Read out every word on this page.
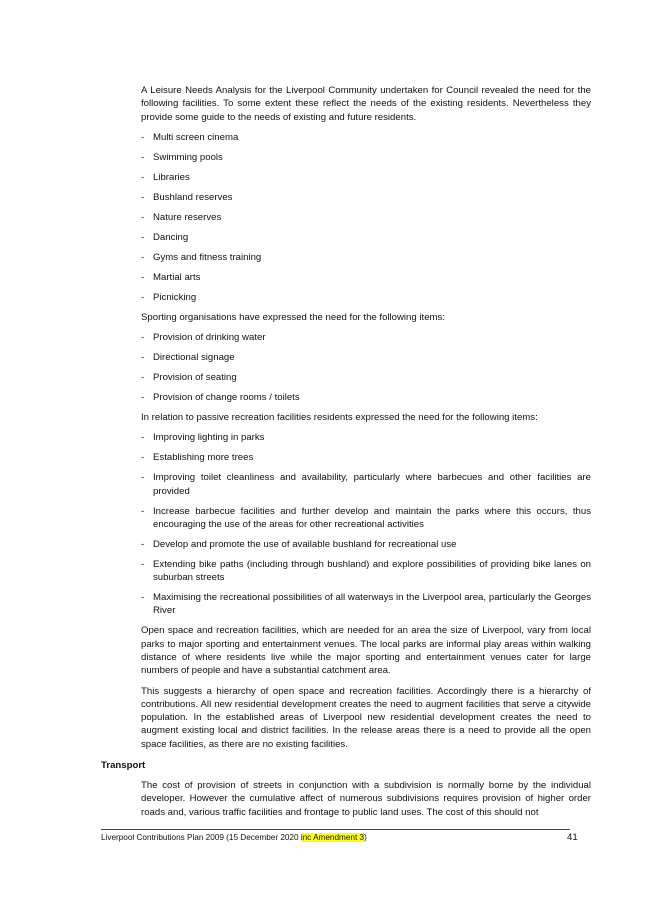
A Leisure Needs Analysis for the Liverpool Community undertaken for Council revealed the need for the following facilities. To some extent these reflect the needs of the existing residents. Nevertheless they provide some guide to the needs of existing and future residents.

- Multi screen cinema
- Swimming pools
- Libraries
- Bushland reserves
- Nature reserves
- Dancing
- Gyms and fitness training
- Martial arts
- Picnicking

Sporting organisations have expressed the need for the following items:

- Provision of drinking water
- Directional signage
- Provision of seating
- Provision of change rooms / toilets

In relation to passive recreation facilities residents expressed the need for the following items:

- Improving lighting in parks
- Establishing more trees
- Improving toilet cleanliness and availability, particularly where barbecues and other facilities are provided
- Increase barbecue facilities and further develop and maintain the parks where this occurs, thus encouraging the use of the areas for other recreational activities
- Develop and promote the use of available bushland for recreational use
- Extending bike paths (including through bushland) and explore possibilities of providing bike lanes on suburban streets
- Maximising the recreational possibilities of all waterways in the Liverpool area, particularly the Georges River

Open space and recreation facilities, which are needed for an area the size of Liverpool, vary from local parks to major sporting and entertainment venues. The local parks are informal play areas within walking distance of where residents live while the major sporting and entertainment venues cater for large numbers of people and have a substantial catchment area.

This suggests a hierarchy of open space and recreation facilities. Accordingly there is a hierarchy of contributions. All new residential development creates the need to augment facilities that serve a citywide population. In the established areas of Liverpool new residential development creates the need to augment existing local and district facilities. In the release areas there is a need to provide all the open space facilities, as there are no existing facilities.

Transport

The cost of provision of streets in conjunction with a subdivision is normally borne by the individual developer. However the cumulative affect of numerous subdivisions requires provision of higher order roads and, various traffic facilities and frontage to public land uses. The cost of this should not

Liverpool Contributions Plan 2009 (15 December 2020 inc Amendment 3)	41
